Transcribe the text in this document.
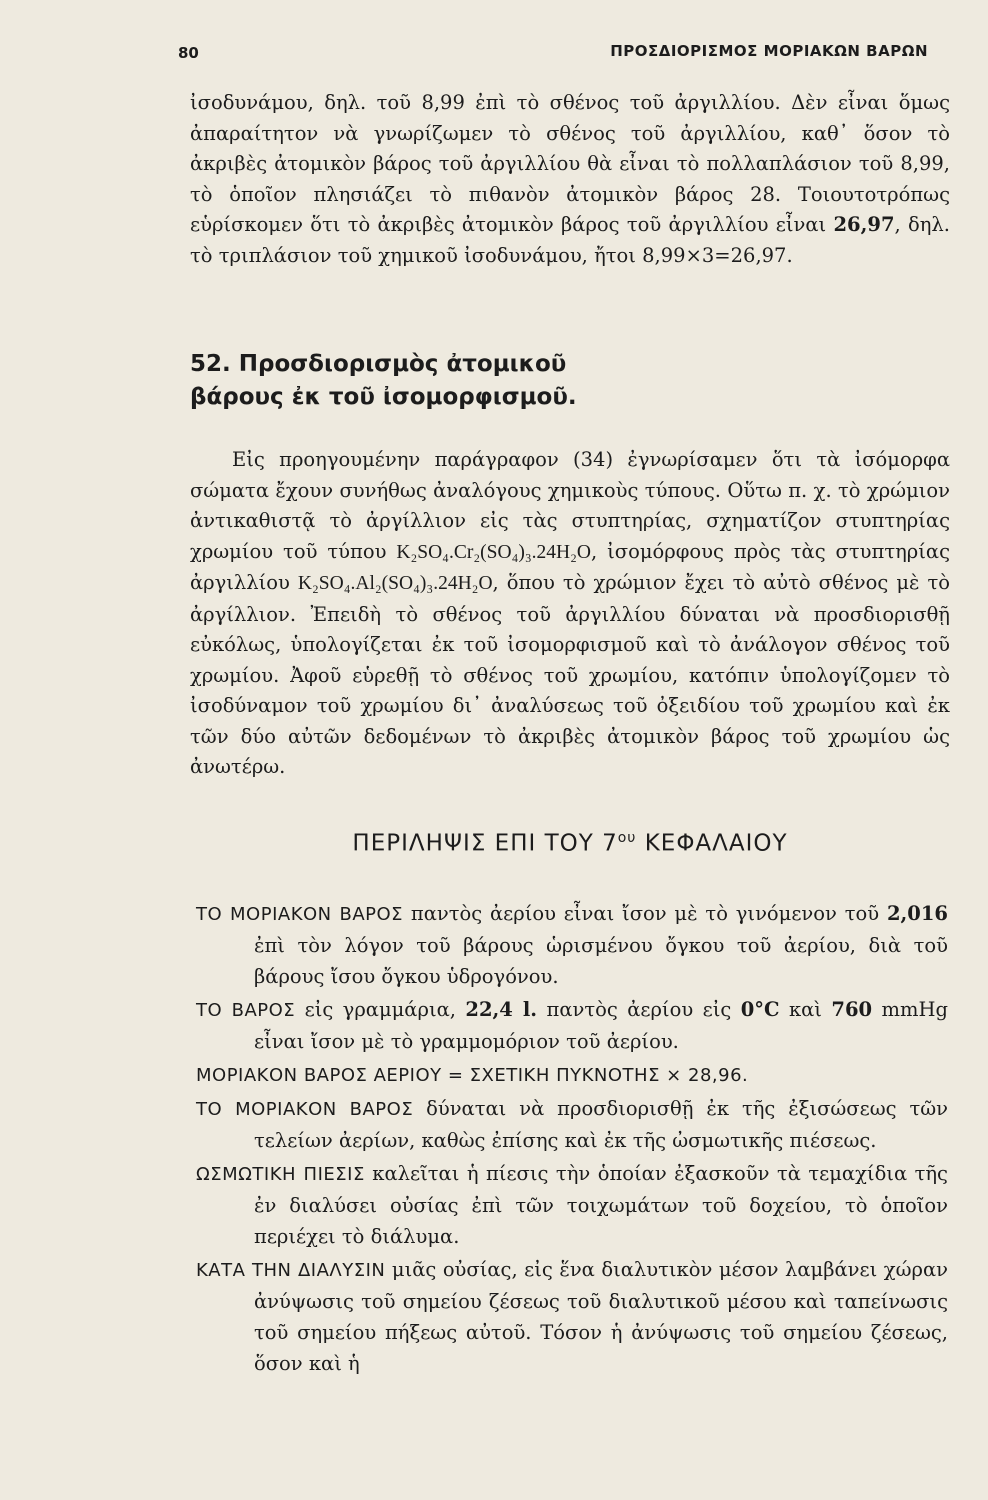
80	ΠΡΟΣΔΙΟΡΙΣΜΟΣ ΜΟΡΙΑΚΩΝ ΒΑΡΩΝ

ἰσοδυνάμου, δηλ. τοῦ 8,99 ἐπὶ τὸ σθένος τοῦ ἀργιλλίου. Δὲν εἶναι ὅμως ἀπαραίτητον νὰ γνωρίζωμεν τὸ σθένος τοῦ ἀργιλλίου, καθ᾽ ὅσον τὸ ἀκριβὲς ἀτομικὸν βάρος τοῦ ἀργιλλίου θὰ εἶναι τὸ πολλαπλάσιον τοῦ 8,99, τὸ ὁποῖον πλησιάζει τὸ πιθανὸν ἀτομικὸν βάρος 28. Τοιουτοτρόπως εὑρίσκομεν ὅτι τὸ ἀκριβὲς ἀτομικὸν βάρος τοῦ ἀργιλλίου εἶναι 26,97, δηλ. τὸ τριπλάσιον τοῦ χημικοῦ ἰσοδυνάμου, ἤτοι 8,99×3=26,97.

52. Προσδιορισμὸς ἀτομικοῦ
βάρους ἐκ τοῦ ἰσομορφισμοῦ.

Εἰς προηγουμένην παράγραφον (34) ἐγνωρίσαμεν ὅτι τὰ ἰσόμορφα σώματα ἔχουν συνήθως ἀναλόγους χημικοὺς τύπους. Οὕτω π. χ. τὸ χρώμιον ἀντικαθιστᾷ τὸ ἀργίλλιον εἰς τὰς στυπτηρίας, σχηματίζον στυπτηρίας χρωμίου τοῦ τύπου K₂SO₄.Cr₂(SO₄)₃.24H₂O, ἰσομόρφους πρὸς τὰς στυπτηρίας ἀργιλλίου K₂SO₄.Al₂(SO₄)₃.24H₂O, ὅπου τὸ χρώμιον ἔχει τὸ αὐτὸ σθένος μὲ τὸ ἀργίλλιον. Ἐπειδὴ τὸ σθένος τοῦ ἀργιλλίου δύναται νὰ προσδιορισθῇ εὐκόλως, ὑπολογίζεται ἐκ τοῦ ἰσομορφισμοῦ καὶ τὸ ἀνάλογον σθένος τοῦ χρωμίου. Ἀφοῦ εὑρεθῇ τὸ σθένος τοῦ χρωμίου, κατόπιν ὑπολογίζομεν τὸ ἰσοδύναμον τοῦ χρωμίου δι᾽ ἀναλύσεως τοῦ ὀξειδίου τοῦ χρωμίου καὶ ἐκ τῶν δύο αὐτῶν δεδομένων τὸ ἀκριβὲς ἀτομικὸν βάρος τοῦ χρωμίου ὡς ἀνωτέρω.

ΠΕΡΙΛΗΨΙΣ ΕΠΙ ΤΟΥ $7^{o\upsilon}$ ΚΕΦΑΛΑΙΟΥ

ΤΟ ΜΟΡΙΑΚΟΝ ΒΑΡΟΣ παντὸς ἀερίου εἶναι ἴσον μὲ τὸ γινόμενον τοῦ 2,016 ἐπὶ τὸν λόγον τοῦ βάρους ὡρισμένου ὄγκου τοῦ ἀερίου, διὰ τοῦ βάρους ἴσου ὄγκου ὑδρογόνου.

ΤΟ ΒΑΡΟΣ εἰς γραμμάρια, 22,4 l. παντὸς ἀερίου εἰς 0°C καὶ 760 mmHg εἶναι ἴσον μὲ τὸ γραμμομόριον τοῦ ἀερίου.

ΜΟΡΙΑΚΟΝ ΒΑΡΟΣ ΑΕΡΙΟΥ = ΣΧΕΤΙΚΗ ΠΥΚΝΟΤΗΣ × 28,96.

ΤΟ ΜΟΡΙΑΚΟΝ ΒΑΡΟΣ δύναται νὰ προσδιορισθῇ ἐκ τῆς ἐξισώσεως τῶν τελείων ἀερίων, καθὼς ἐπίσης καὶ ἐκ τῆς ὠσμωτικῆς πιέσεως.

ΩΣΜΩΤΙΚΗ ΠΙΕΣΙΣ καλεῖται ἡ πίεσις τὴν ὁποίαν ἐξασκοῦν τὰ τεμαχίδια τῆς ἐν διαλύσει οὐσίας ἐπὶ τῶν τοιχωμάτων τοῦ δοχείου, τὸ ὁποῖον περιέχει τὸ διάλυμα.

ΚΑΤΑ ΤΗΝ ΔΙΑΛΥΣΙΝ μιᾶς οὐσίας, εἰς ἕνα διαλυτικὸν μέσον λαμβάνει χώραν ἀνύψωσις τοῦ σημείου ζέσεως τοῦ διαλυτικοῦ μέσου καὶ ταπείνωσις τοῦ σημείου πήξεως αὐτοῦ. Τόσον ἡ ἀνύψωσις τοῦ σημείου ζέσεως, ὅσον καὶ ἡ
